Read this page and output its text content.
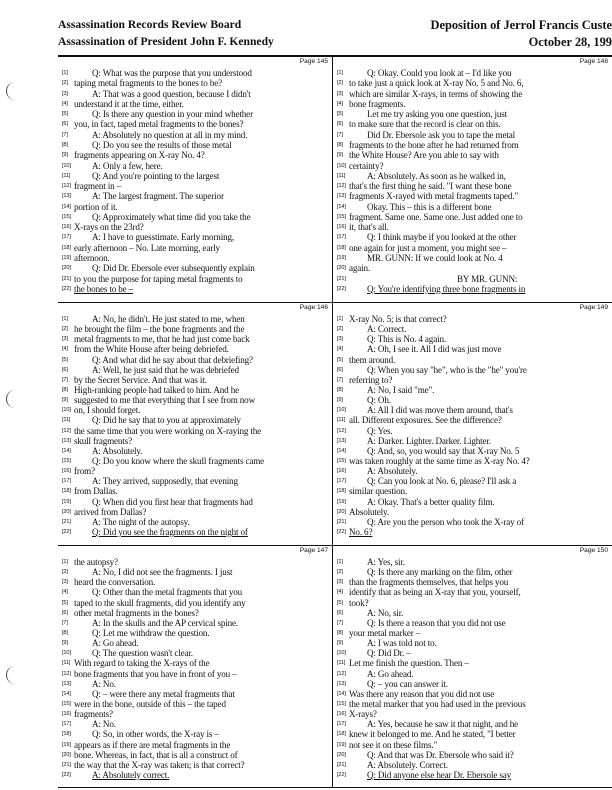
Assassination Records Review Board
Assassination of President John F. Kennedy
Deposition of Jerrol Francis Custe
October 28, 199
Page 145
[1]	Q: What was the purpose that you understood
[2] taping metal fragments to the bones to be?
[3]	A: That was a good question, because I didn't
[4] understand it at the time, either.
[5]	Q: Is there any question in your mind whether
[6] you, in fact, taped metal fragments to the bones?
[7]	A: Absolutely no question at all in my mind.
[8]	Q: Do you see the results of those metal
[9] fragments appearing on X-ray No. 4?
[10] A: Only a few, here.
[11] Q: And you're pointing to the largest
[12] fragment in –
[13] A: The largest fragment. The superior
[14] portion of it.
[15] Q: Approximately what time did you take the
[16] X-rays on the 23rd?
[17] A: I have to guesstimate. Early morning,
[18] early afternoon – No. Late morning, early
[19] afternoon.
[20] Q: Did Dr. Ebersole ever subsequently explain
[21] to you the purpose for taping metal fragments to
[22] the bones to be –
Page 146
[1]	A: No, he didn't. He just stated to me, when
[2] he brought the film – the bone fragments and the
[3] metal fragments to me, that he had just come back
[4] from the White House after being debriefed.
[5]	Q: And what did he say about that debriefing?
[6]	A: Well, he just said that he was debriefed
[7] by the Secret Service. And that was it.
[8] High-ranking people had talked to him. And he
[9] suggested to me that everything that I see from now
[10] on, I should forget.
[11] Q: Did he say that to you at approximately
[12] the same time that you were working on X-raying the
[13] skull fragments?
[14] A: Absolutely.
[15] Q: Do you know where the skull fragments came
[16] from?
[17] A: They arrived, supposedly, that evening
[18] from Dallas.
[19] Q: When did you first hear that fragments had
[20] arrived from Dallas?
[21] A: The night of the autopsy.
[22] Q: Did you see the fragments on the night of
Page 147
[1] the autopsy?
[2]	A: No, I did not see the fragments. I just
[3] heard the conversation.
[4]	Q: Other than the metal fragments that you
[5] taped to the skull fragments, did you identify any
[6] other metal fragments in the bones?
[7]	A: In the skulls and the AP cervical spine.
[8]	Q: Let me withdraw the question.
[9]	A: Go ahead.
[10] Q: The question wasn't clear.
[11] With regard to taking the X-rays of the
[12] bone fragments that you have in front of you –
[13] A: No.
[14] Q: – were there any metal fragments that
[15] were in the bone, outside of this – the taped
[16] fragments?
[17] A: No.
[18] Q: So, in other words, the X-ray is –
[19] appears as if there are metal fragments in the
[20] bone. Whereas, in fact, that is all a construct of
[21] the way that the X-ray was taken; is that correct?
[22] A: Absolutely correct.
Page 148
[1]	Q: Okay. Could you look at – I'd like you
[2] to take just a quick look at X-ray No. 5 and No. 6,
[3] which are similar X-rays, in terms of showing the
[4] bone fragments.
[5]	Let me try asking you one question, just
[6] to make sure that the record is clear on this.
[7]	Did Dr. Ebersole ask you to tape the metal
[8] fragments to the bone after he had returned from
[9] the White House? Are you able to say with
[10] certainty?
[11] A: Absolutely. As soon as he walked in,
[12] that's the first thing he said. "I want these bone
[13] fragments X-rayed with metal fragments taped."
[14] Okay. This – this is a different bone
[15] fragment. Same one. Same one. Just added one to
[16] it, that's all.
[17] Q: I think maybe if you looked at the other
[18] one again for just a moment, you might see –
[19] MR. GUNN: If we could look at No. 4
[20] again.
[21]	BY MR. GUNN:
[22] Q: You're identifying three bone fragments in
Page 149
[1] X-ray No. 5; is that correct?
[2]	A: Correct.
[3]	Q: This is No. 4 again.
[4]	A: Oh, I see it. All I did was just move
[5] them around.
[6]	Q: When you say "he", who is the "he" you're
[7] referring to?
[8]	A: No, I said "me".
[9]	Q: Oh.
[10] A: All I did was move them around, that's
[11] all. Different exposures. See the difference?
[12] Q: Yes.
[13] A: Darker. Lighter. Darker. Lighter.
[14] Q: And, so, you would say that X-ray No. 5
[15] was taken roughly at the same time as X-ray No. 4?
[16] A: Absolutely.
[17] Q: Can you look at No. 6, please? I'll ask a
[18] similar question.
[19] A: Okay. That's a better quality film.
[20] Absolutely.
[21] Q: Are you the person who took the X-ray of
[22] No. 6?
Page 150
[1]	A: Yes, sir.
[2]	Q: Is there any marking on the film, other
[3] than the fragments themselves, that helps you
[4] identify that as being an X-ray that you, yourself,
[5] took?
[6]	A: No, sir.
[7]	Q: Is there a reason that you did not use
[8] your metal marker –
[9]	A: I was told not to.
[10] Q: Did Dr. –
[11] Let me finish the question. Then –
[12] A: Go ahead.
[13] Q: – you can answer it.
[14] Was there any reason that you did not use
[15] the metal marker that you had used in the previous
[16] X-rays?
[17] A: Yes, because he saw it that night, and he
[18] knew it belonged to me. And he stated, "I better
[19] not see it on these films."
[20] Q: And that was Dr. Ebersole who said it?
[21] A: Absolutely. Correct.
[22] Q: Did anyone else hear Dr. Ebersole say
